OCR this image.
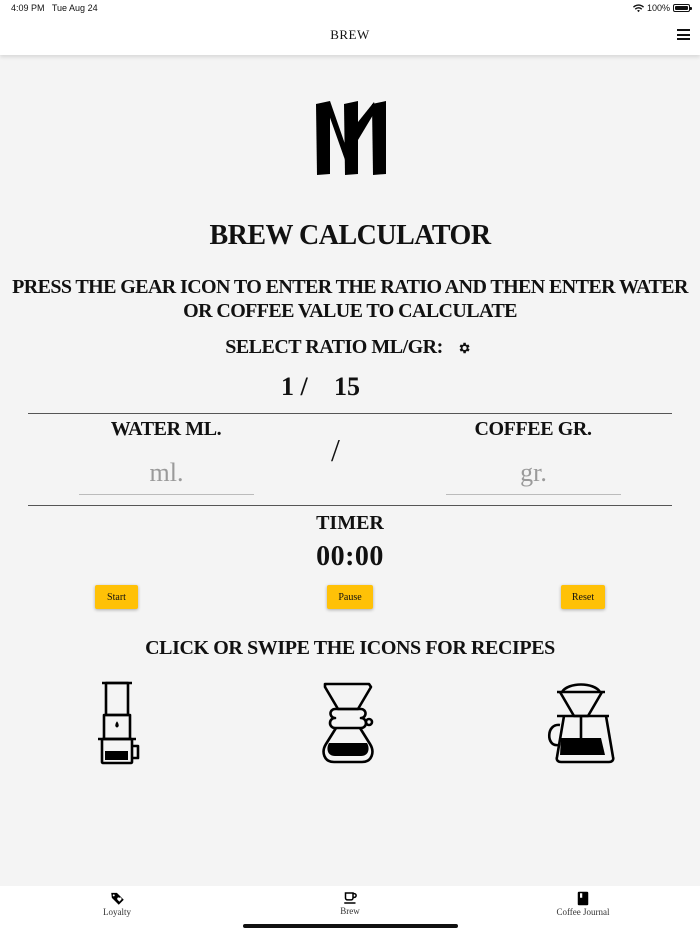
4:09 PM Tue Aug 24	100%
BREW
BREW CALCULATOR
PRESS THE GEAR ICON TO ENTER THE RATIO AND THEN ENTER WATER OR COFFEE VALUE TO CALCULATE
SELECT RATIO ML/GR:
1 / 15
WATER ML.
ml.
/
COFFEE GR.
gr.
TIMER
00:00
Start	Pause	Reset
CLICK OR SWIPE THE ICONS FOR RECIPES
Loyalty	Brew	Coffee Journal
